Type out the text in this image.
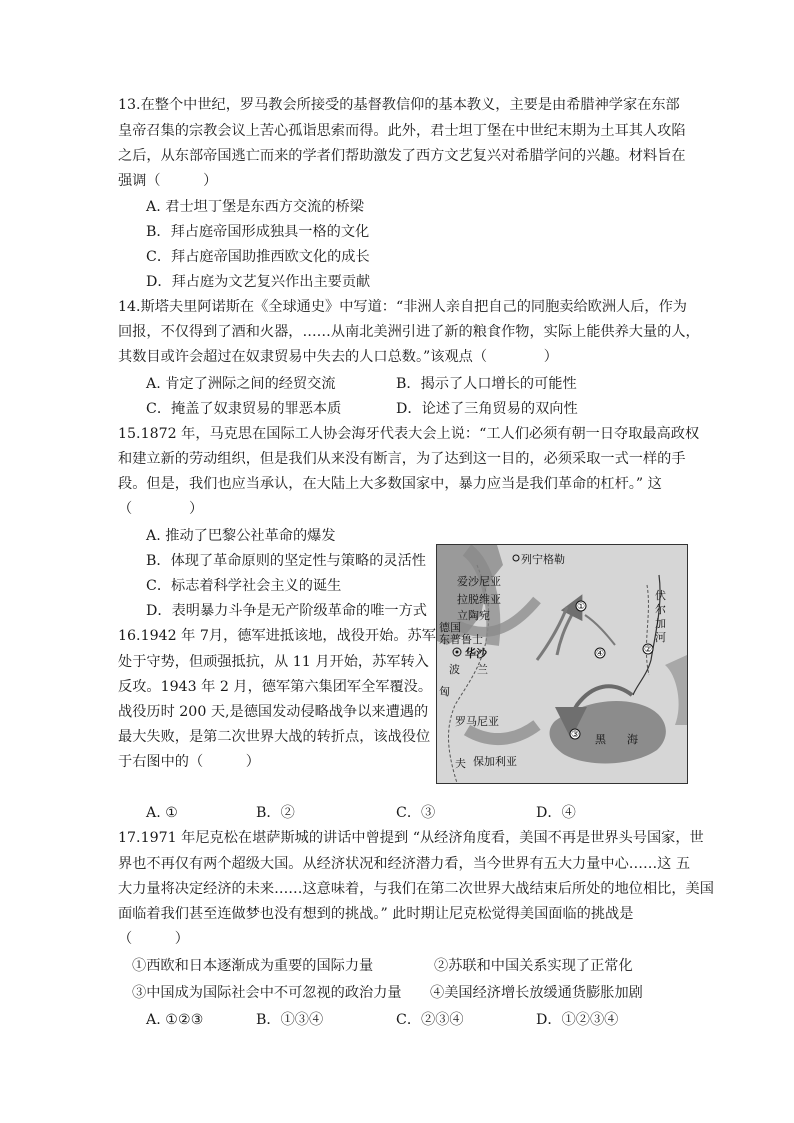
13.在整个中世纪，罗马教会所接受的基督教信仰的基本教义，主要是由希腊神学家在东部
皇帝召集的宗教会议上苦心孤诣思索而得。此外，君士坦丁堡在中世纪末期为土耳其人攻陷
之后，从东部帝国逃亡而来的学者们帮助激发了西方文艺复兴对希腊学问的兴趣。材料旨在
强调（　　　）
A. 君士坦丁堡是东西方交流的桥梁
B．拜占庭帝国形成独具一格的文化
C．拜占庭帝国助推西欧文化的成长
D．拜占庭为文艺复兴作出主要贡献
14.斯塔夫里阿诺斯在《全球通史》中写道：“非洲人亲自把自己的同胞卖给欧洲人后，作为
回报，不仅得到了酒和火器，……从南北美洲引进了新的粮食作物，实际上能供养大量的人，
其数目或许会超过在奴隶贸易中失去的人口总数。”该观点（　　　　）
A. 肯定了洲际之间的经贸交流	B．揭示了人口增长的可能性
C．掩盖了奴隶贸易的罪恶本质	D．论述了三角贸易的双向性
15.1872 年，马克思在国际工人协会海牙代表大会上说：“工人们必须有朝一日夺取最高政权
和建立新的劳动组织，但是我们从来没有断言，为了达到这一目的，必须采取一式一样的手
段。但是，我们也应当承认，在大陆上大多数国家中，暴力应当是我们革命的杠杆。” 这
（　　　　）
A. 推动了巴黎公社革命的爆发
B．体现了革命原则的坚定性与策略的灵活性
C．标志着科学社会主义的诞生
D．表明暴力斗争是无产阶级革命的唯一方式
16.1942 年 7月，德军进抵该地，战役开始。苏军
处于守势，但顽强抵抗，从 11 月开始，苏军转入
反攻。1943 年 2 月，德军第六集团军全军覆没。
战役历时 200 天,是德国发动侵略战争以来遭遇的
最大失败，是第二次世界大战的转折点，该战役位
于右图中的（　　　）
①
②
③
④
列宁格勒
爱沙尼亚
拉脱维亚
立陶宛
德国
东普鲁士
华沙
波 兰
匈
罗马尼亚
黑 海
保加利亚
伏
尔
加
河
夫
A. ①	B．②	C．③	D．④
17.1971 年尼克松在堪萨斯城的讲话中曾提到 “从经济角度看，美国不再是世界头号国家，世
界也不再仅有两个超级大国。从经济状况和经济潜力看，当今世界有五大力量中心……这 五
大力量将决定经济的未来……这意味着，与我们在第二次世界大战结束后所处的地位相比，美国
面临着我们甚至连做梦也没有想到的挑战。” 此时期让尼克松觉得美国面临的挑战是
（　　　）
①西欧和日本逐渐成为重要的国际力量	②苏联和中国关系实现了正常化
③中国成为国际社会中不可忽视的政治力量 ④美国经济增长放缓通货膨胀加剧
A. ①②③	B．①③④	C．②③④	D．①②③④
